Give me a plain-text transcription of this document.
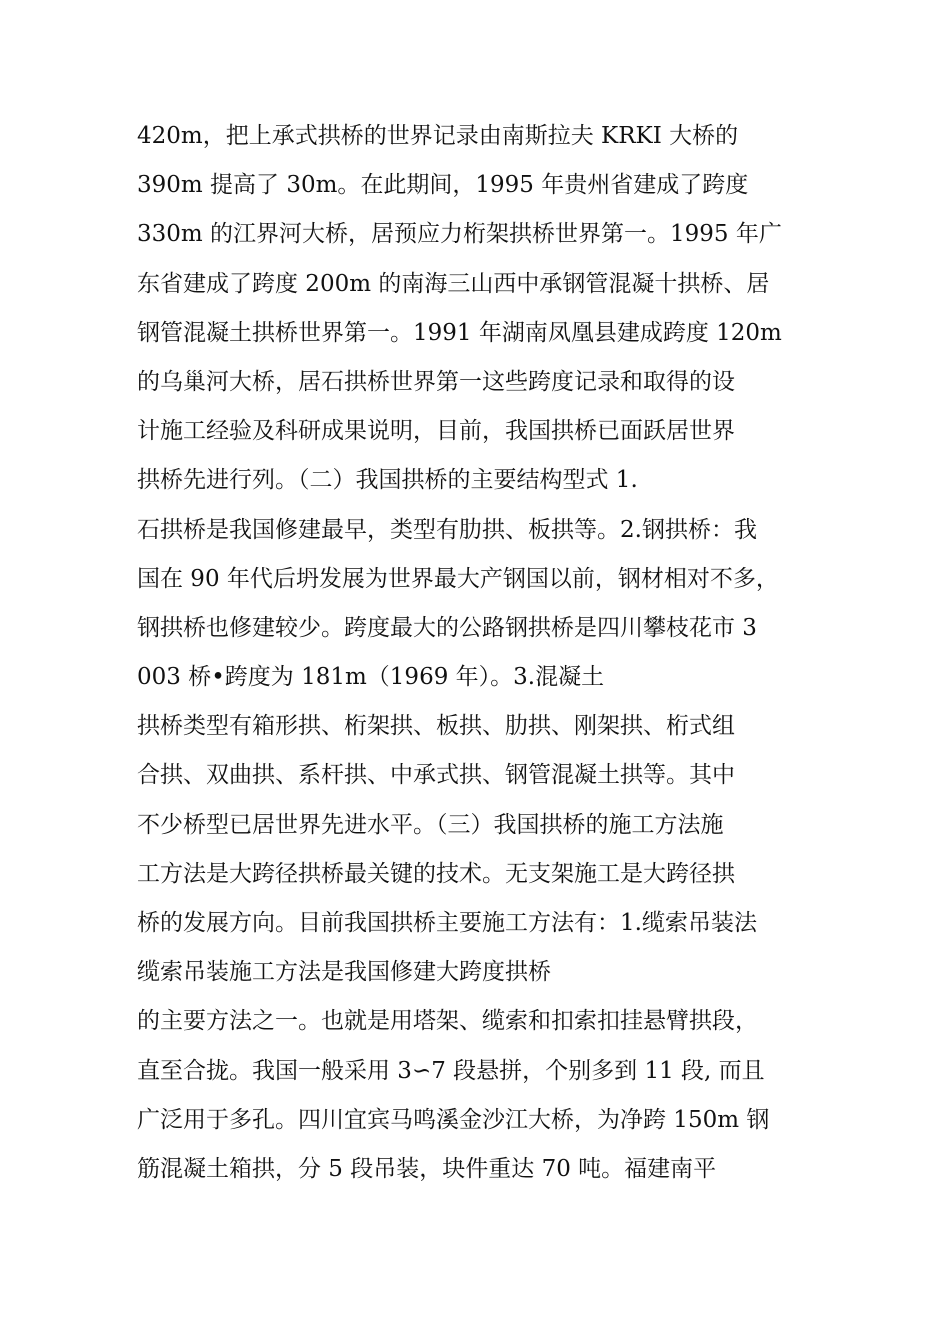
420m，把上承式拱桥的世界记录由南斯拉夫 KRKI 大桥的
390m 提高了 30m。在此期间，1995 年贵州省建成了跨度
330m 的江界河大桥，居预应力桁架拱桥世界第一。1995 年广
东省建成了跨度 200m 的南海三山西中承钢管混凝十拱桥、居
钢管混凝土拱桥世界第一。1991 年湖南凤凰县建成跨度 120m
的乌巢河大桥，居石拱桥世界第一这些跨度记录和取得的设
计施工经验及科研成果说明，目前，我国拱桥已面跃居世界
拱桥先进行列。（二）我国拱桥的主要结构型式 1.
石拱桥是我国修建最早，类型有肋拱、板拱等。2.钢拱桥：我
国在 90 年代后坍发展为世界最大产钢国以前，钢材相对不多，
钢拱桥也修建较少。跨度最大的公路钢拱桥是四川攀枝花市 3
003 桥•跨度为 181m（1969 年）。3.混凝土
拱桥类型有箱形拱、桁架拱、板拱、肋拱、刚架拱、桁式组
合拱、双曲拱、系杆拱、中承式拱、钢管混凝土拱等。其中
不少桥型已居世界先进水平。（三）我国拱桥的施工方法施
工方法是大跨径拱桥最关键的技术。无支架施工是大跨径拱
桥的发展方向。目前我国拱桥主要施工方法有：1.缆索吊装法
缆索吊装施工方法是我国修建大跨度拱桥
的主要方法之一。也就是用塔架、缆索和扣索扣挂悬臂拱段，
直至合拢。我国一般采用 3∽7 段悬拼，个别多到 11 段, 而且
广泛用于多孔。四川宜宾马鸣溪金沙江大桥，为净跨 150m 钢
筋混凝土箱拱，分 5 段吊装，块件重达 70 吨。福建南平
